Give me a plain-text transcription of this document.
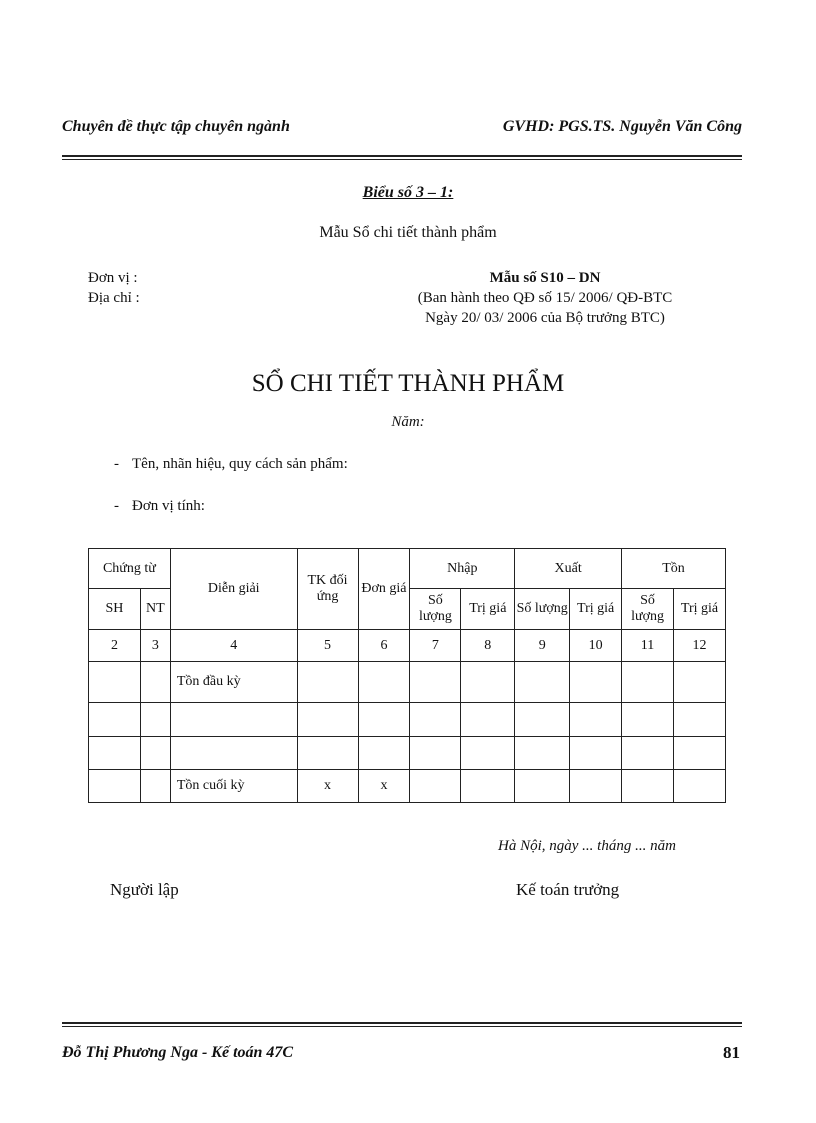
Chuyên đề thực tập chuyên ngành	GVHD: PGS.TS. Nguyễn Văn Công
Biểu số 3 – 1:
Mẫu Sổ chi tiết thành phẩm
Đơn vị :
Địa chỉ :
Mẫu số S10 – DN
(Ban hành theo QĐ số 15/ 2006/ QĐ-BTC
Ngày 20/ 03/ 2006 của Bộ trưởng BTC)
SỔ CHI TIẾT THÀNH PHẨM
Năm:
- Tên, nhãn hiệu, quy cách sản phẩm:
- Đơn vị tính:
Chứng từ		Diễn giải	TK đối ứng	Đơn giá	Nhập		Xuất		Tồn	
SH	NT				Số lượng	Trị giá	Số lượng	Trị giá	Số lượng	Trị giá
2	3	4	5	6	7	8	9	10	11	12
		Tồn đầu kỳ								

		Tồn cuối kỳ	x	x						
Hà Nội, ngày ... tháng ... năm
Người lập	Kế toán trưởng
Đỗ Thị Phương Nga - Kế toán 47C	81
